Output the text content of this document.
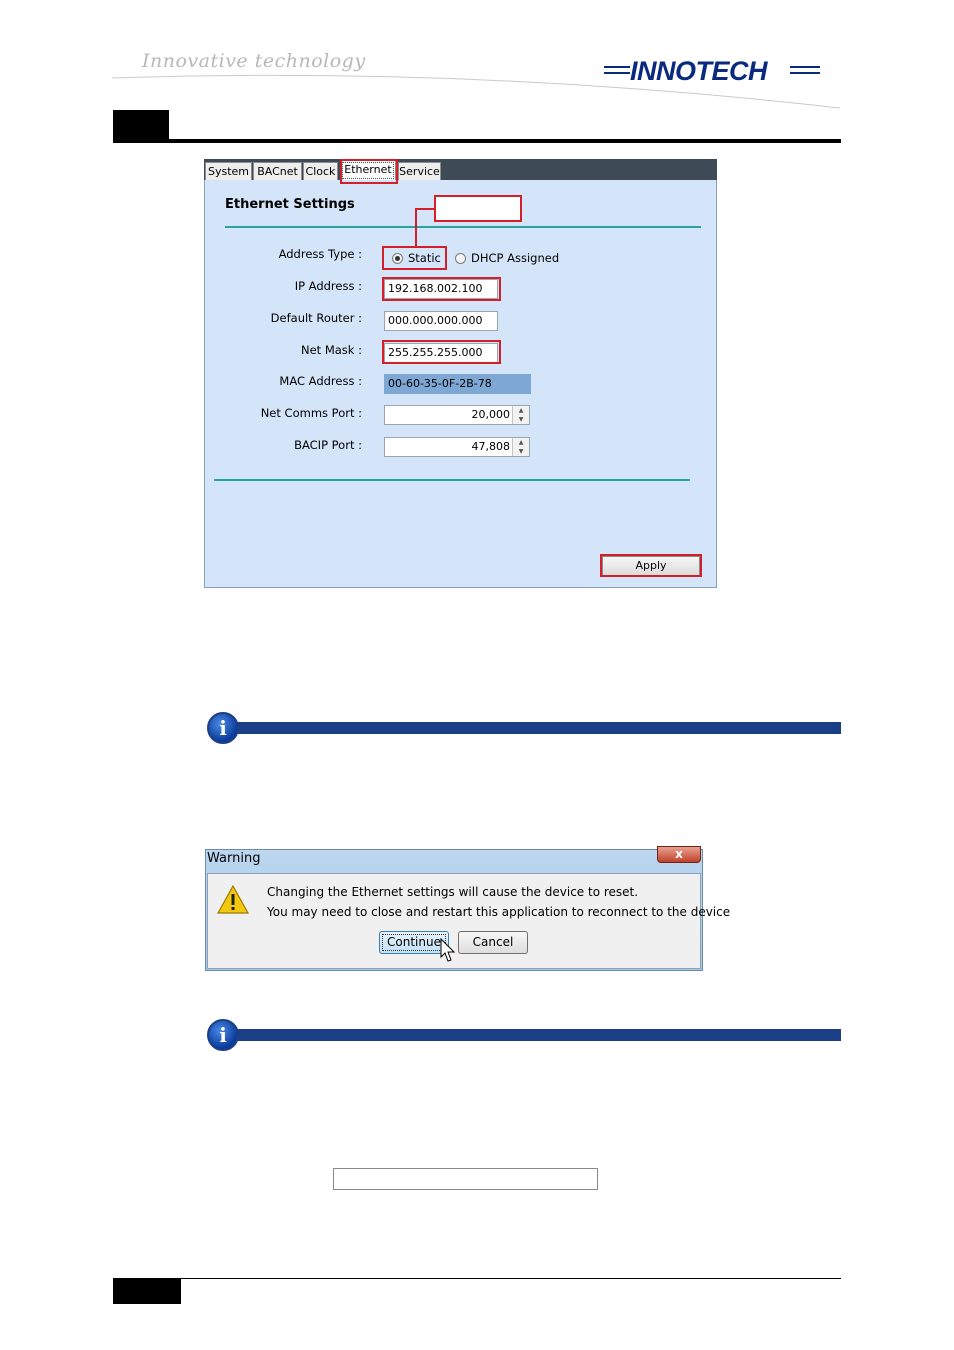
Innovative technology	INNOTECH
System BACnet Clock Ethernet Service
Ethernet Settings
Address Type :	Static	DHCP Assigned
IP Address :	192.168.002.100
Default Router :	000.000.000.000
Net Mask :	255.255.255.000
MAC Address :	00-60-35-0F-2B-78
Net Comms Port :	20,000	▲
▼
BACIP Port :	47,808	▲
▼
Apply
i
Warning	x
Changing the Ethernet settings will cause the device to reset.
You may need to close and restart this application to reconnect to the device
Continue	Cancel
i
